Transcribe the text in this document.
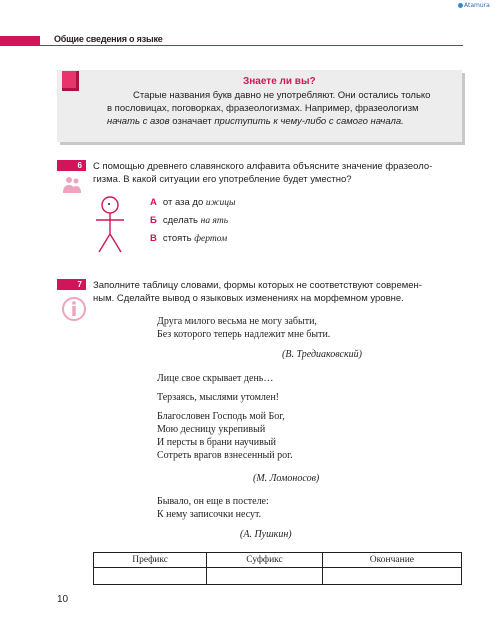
Atamura
Общие сведения о языке
Знаете ли вы?
Старые названия букв давно не употребляют. Они остались только
в пословицах, поговорках, фразеологизмах. Например, фразеологизм
начать с азов означает приступить к чему-либо с самого начала.
6	С помощью древнего славянского алфавита объясните значение фразеоло-
гизма. В какой ситуации его употребление будет уместно?
А от аза до ижицы
Б сделать на ять
В стоять фертом
7	Заполните таблицу словами, формы которых не соответствуют современ-
ным. Сделайте вывод о языковых изменениях на морфемном уровне.
Друга милого весьма не могу забыти,
Без которого теперь надлежит мне быти.
(В. Тредиаковский)
Лице свое скрывает день…
Терзаясь, мыслями утомлен!
Благословен Господь мой Бог,
Мою десницу укрепивый
И персты в брани научивый
Сотреть врагов взнесенный рог.
(М. Ломоносов)
Бывало, он еще в постеле:
К нему записочки несут.
(А. Пушкин)
Префикс	Суффикс	Окончание

10
